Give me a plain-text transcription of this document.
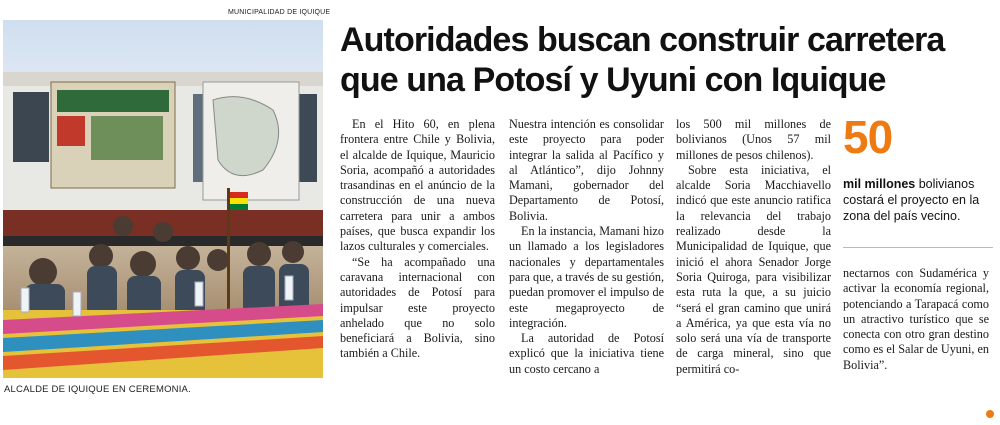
MUNICIPALIDAD DE IQUIQUE
ALCALDE DE IQUIQUE EN CEREMONIA.
Autoridades buscan construir carretera que una Potosí y Uyuni con Iquique

En el Hito 60, en plena frontera entre Chile y Bolivia, el alcalde de Iquique, Mauricio Soria, acompañó a autoridades trasandinas en el anúncio de la construcción de una nueva carretera para unir a ambos países, que busca expandir los lazos culturales y comerciales.

“Se ha acompañado una caravana internacional con autoridades de Potosí para impulsar este proyecto anhelado que no solo beneficiará a Bolivia, sino también a Chile.

Nuestra intención es consolidar este proyecto para poder integrar la salida al Pacífico y al Atlántico”, dijo Johnny Mamani, gobernador del Departamento de Potosí, Bolivia.

En la instancia, Mamani hizo un llamado a los legisladores nacionales y departamentales para que, a través de su gestión, puedan promover el impulso de este megaproyecto de integración.

La autoridad de Potosí explicó que la iniciativa tiene un costo cercano a

los 500 mil millones de bolivianos (Unos 57 mil millones de pesos chilenos).

Sobre esta iniciativa, el alcalde Soria Macchiavello indicó que este anuncio ratifica la relevancia del trabajo realizado desde la Municipalidad de Iquique, que inició el ahora Senador Jorge Soria Quiroga, para visibilizar esta ruta la que, a su juicio “será el gran camino que unirá a América, ya que esta vía no solo será una vía de transporte de carga mineral, sino que permitirá co-

50
mil millones bolivianos costará el proyecto en la zona del país vecino.

nectarnos con Sudamérica y activar la economía regional, potenciando a Tarapacá como un atractivo turístico que se conecta con otro gran destino como es el Salar de Uyuni, en Bolivia”.
